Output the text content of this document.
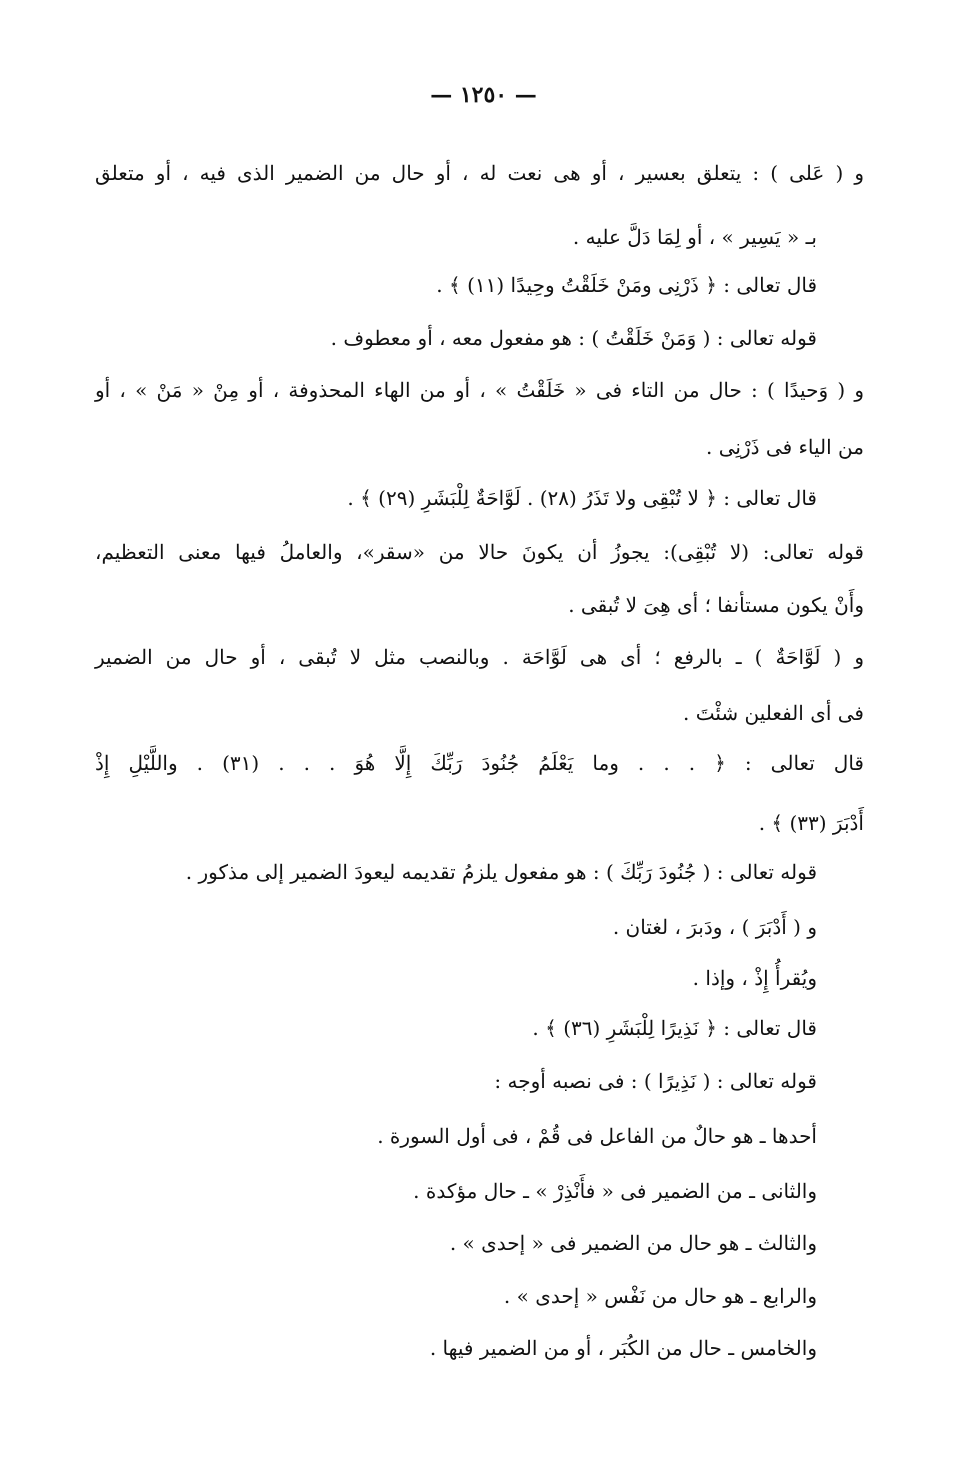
— ١٢٥٠ —
و ( عَلى ) : يتعلق بعسير ، أو هى نعت له ، أو حال من الضمير الذى فيه ، أو متعلق
بـ « يَسِير » ، أو لِمَا دَلَّ عليه .
قال تعالى : ﴿ ذَرْنِى ومَنْ خَلَقْتُ وحِيدًا (١١) ﴾ .
قوله تعالى : ( وَمَنْ خَلَقْتُ ) : هو مفعول معه ، أو معطوف .
و ( وَحيدًا ) : حال من التاء فى « خَلَقْتُ » ، أو من الهاء المحذوفة ، أو مِنْ « مَنْ » ، أو
من الياء فى ذَرْنِى .
قال تعالى : ﴿ لا تُبْقِى ولا تَذَرُ (٢٨) . لَوَّاحَةٌ لِلْبَشَرِ (٢٩) ﴾ .
قوله تعالى: (لا تُبْقِى): يجوزُ أن يكونَ حالا من «سقر»، والعاملُ فيها معنى التعظيم،
وأَنْ يكون مستأنفا ؛ أى هِىَ لا تُبقى .
و ( لَوَّاحَةٌ ) ـ بالرفع ؛ أى هى لَوَّاحَة . وبالنصب مثل لا تُبقى ، أو حال من الضمير
فى أى الفعلين شئْتَ .
قال تعالى : ﴿ . . . وما يَعْلَمُ جُنُودَ رَبِّكَ إِلَّا هُوَ . . . (٣١) . واللَّيْلِ إِذْ
أَدْبَرَ (٣٣) ﴾ .
قوله تعالى : ( جُنُودَ رَبِّكَ ) : هو مفعول يلزمُ تقديمه ليعودَ الضمير إلى مذكور .
و ( أَدْبَرَ ) ، ودَبرَ ، لغتان .
ويُقرأُ إِذْ ، وإذا .
قال تعالى : ﴿ نَذِيرًا لِلْبَشَرِ (٣٦) ﴾ .
قوله تعالى : ( نَذِيرًا ) : فى نصبه أوجه :
أحدها ـ هو حالٌ من الفاعل فى قُمْ ، فى أول السورة .
والثانى ـ من الضمير فى « فأَنْذِرْ » ـ حال مؤكدة .
والثالث ـ هو حال من الضمير فى « إحدى » .
والرابع ـ هو حال من نَفْس « إحدى » .
والخامس ـ حال من الكُبَر ، أو من الضمير فيها .
